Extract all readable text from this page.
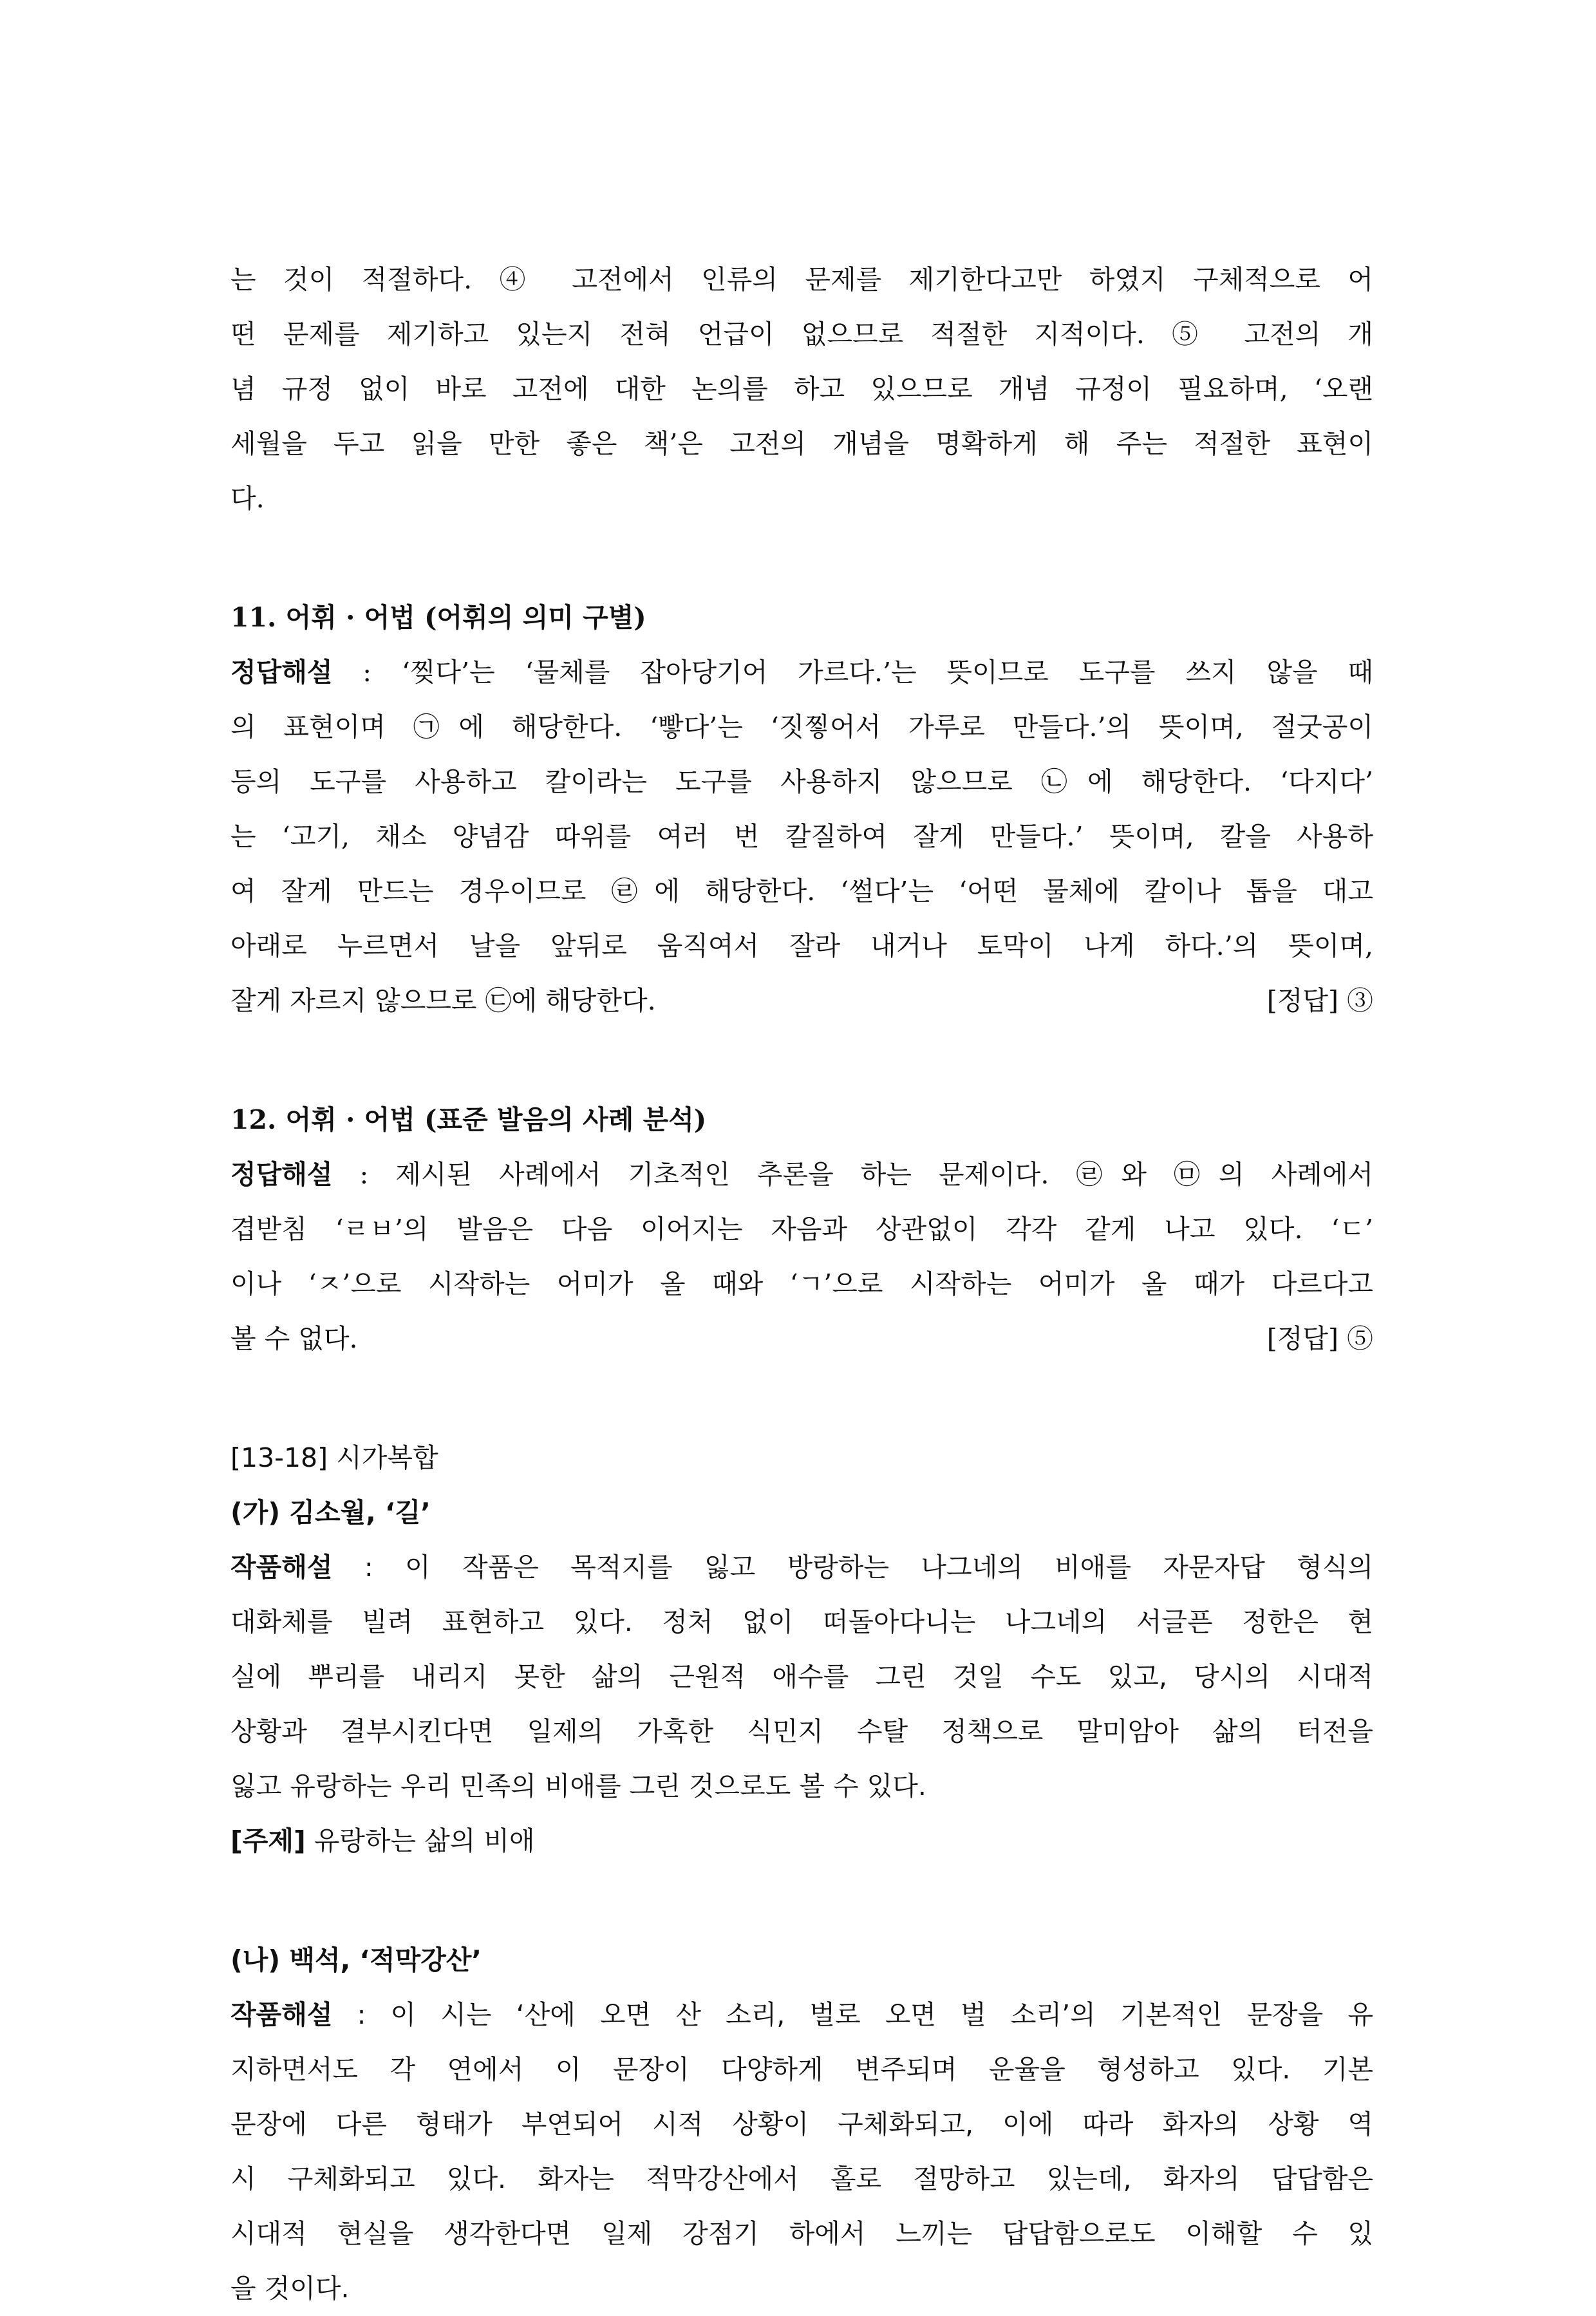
는 것이 적절하다. ④ 고전에서 인류의 문제를 제기한다고만 하였지 구체적으로 어
떤 문제를 제기하고 있는지 전혀 언급이 없으므로 적절한 지적이다. ⑤ 고전의 개
념 규정 없이 바로 고전에 대한 논의를 하고 있으므로 개념 규정이 필요하며, ‘오랜
세월을 두고 읽을 만한 좋은 책’은 고전의 개념을 명확하게 해 주는 적절한 표현이
다.
11. 어휘 · 어법 (어휘의 의미 구별)
정답해설 : ‘찢다’는 ‘물체를 잡아당기어 가르다.’는 뜻이므로 도구를 쓰지 않을 때
의 표현이며 ㉠에 해당한다. ‘빻다’는 ‘짓찧어서 가루로 만들다.’의 뜻이며, 절굿공이
등의 도구를 사용하고 칼이라는 도구를 사용하지 않으므로 ㉡에 해당한다. ‘다지다’
는 ‘고기, 채소 양념감 따위를 여러 번 칼질하여 잘게 만들다.’ 뜻이며, 칼을 사용하
여 잘게 만드는 경우이므로 ㉣에 해당한다. ‘썰다’는 ‘어떤 물체에 칼이나 톱을 대고
아래로 누르면서 날을 앞뒤로 움직여서 잘라 내거나 토막이 나게 하다.’의 뜻이며,
잘게 자르지 않으므로 ㉢에 해당한다.	[정답] ③
12. 어휘 · 어법 (표준 발음의 사례 분석)
정답해설 : 제시된 사례에서 기초적인 추론을 하는 문제이다. ㉣와 ㉤의 사례에서
겹받침 ‘ㄹㅂ’의 발음은 다음 이어지는 자음과 상관없이 각각 같게 나고 있다. ‘ㄷ’
이나 ‘ㅈ’으로 시작하는 어미가 올 때와 ‘ㄱ’으로 시작하는 어미가 올 때가 다르다고
볼 수 없다.	[정답] ⑤
[13-18] 시가복합
(가) 김소월, ‘길’
작품해설 : 이 작품은 목적지를 잃고 방랑하는 나그네의 비애를 자문자답 형식의
대화체를 빌려 표현하고 있다. 정처 없이 떠돌아다니는 나그네의 서글픈 정한은 현
실에 뿌리를 내리지 못한 삶의 근원적 애수를 그린 것일 수도 있고, 당시의 시대적
상황과 결부시킨다면 일제의 가혹한 식민지 수탈 정책으로 말미암아 삶의 터전을
잃고 유랑하는 우리 민족의 비애를 그린 것으로도 볼 수 있다.
[주제] 유랑하는 삶의 비애
(나) 백석, ‘적막강산’
작품해설 : 이 시는 ‘산에 오면 산 소리, 벌로 오면 벌 소리’의 기본적인 문장을 유
지하면서도 각 연에서 이 문장이 다양하게 변주되며 운율을 형성하고 있다. 기본
문장에 다른 형태가 부연되어 시적 상황이 구체화되고, 이에 따라 화자의 상황 역
시 구체화되고 있다. 화자는 적막강산에서 홀로 절망하고 있는데, 화자의 답답함은
시대적 현실을 생각한다면 일제 강점기 하에서 느끼는 답답함으로도 이해할 수 있
을 것이다.
